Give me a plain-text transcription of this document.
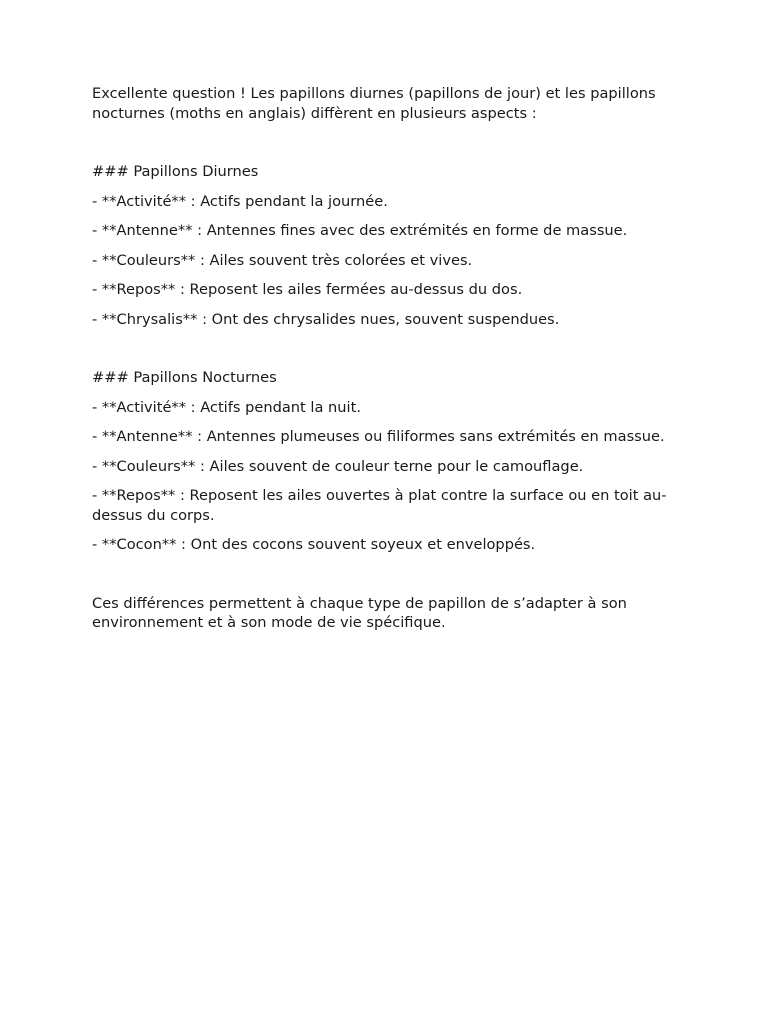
Excellente question ! Les papillons diurnes (papillons de jour) et les papillons nocturnes (moths en anglais) diffèrent en plusieurs aspects :

### Papillons Diurnes

- **Activité** : Actifs pendant la journée.

- **Antenne** : Antennes fines avec des extrémités en forme de massue.

- **Couleurs** : Ailes souvent très colorées et vives.

- **Repos** : Reposent les ailes fermées au-dessus du dos.

- **Chrysalis** : Ont des chrysalides nues, souvent suspendues.

### Papillons Nocturnes

- **Activité** : Actifs pendant la nuit.

- **Antenne** : Antennes plumeuses ou filiformes sans extrémités en massue.

- **Couleurs** : Ailes souvent de couleur terne pour le camouflage.

- **Repos** : Reposent les ailes ouvertes à plat contre la surface ou en toit au-dessus du corps.

- **Cocon** : Ont des cocons souvent soyeux et enveloppés.

Ces différences permettent à chaque type de papillon de s’adapter à son environnement et à son mode de vie spécifique.
